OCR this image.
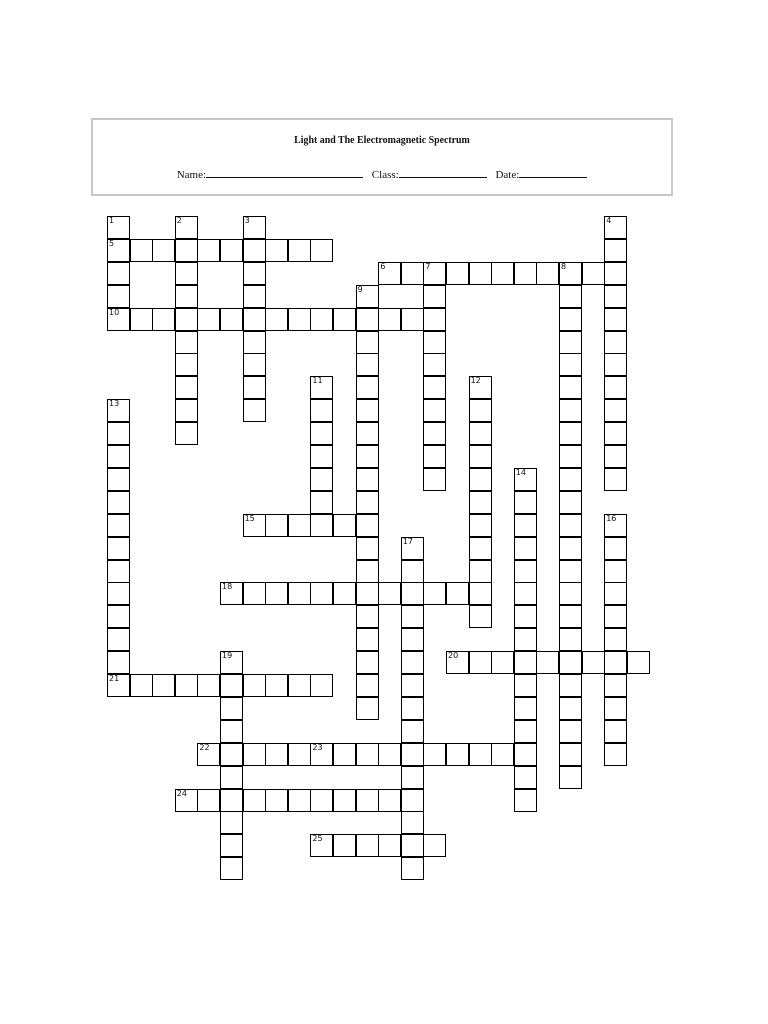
Light and The Electromagnetic Spectrum
Name:	Class:	Date:
1
5
10
2	3	4
6	7	8
9
11	12
13
21
14
15	16
17
18
19	20
22	23
24
25
